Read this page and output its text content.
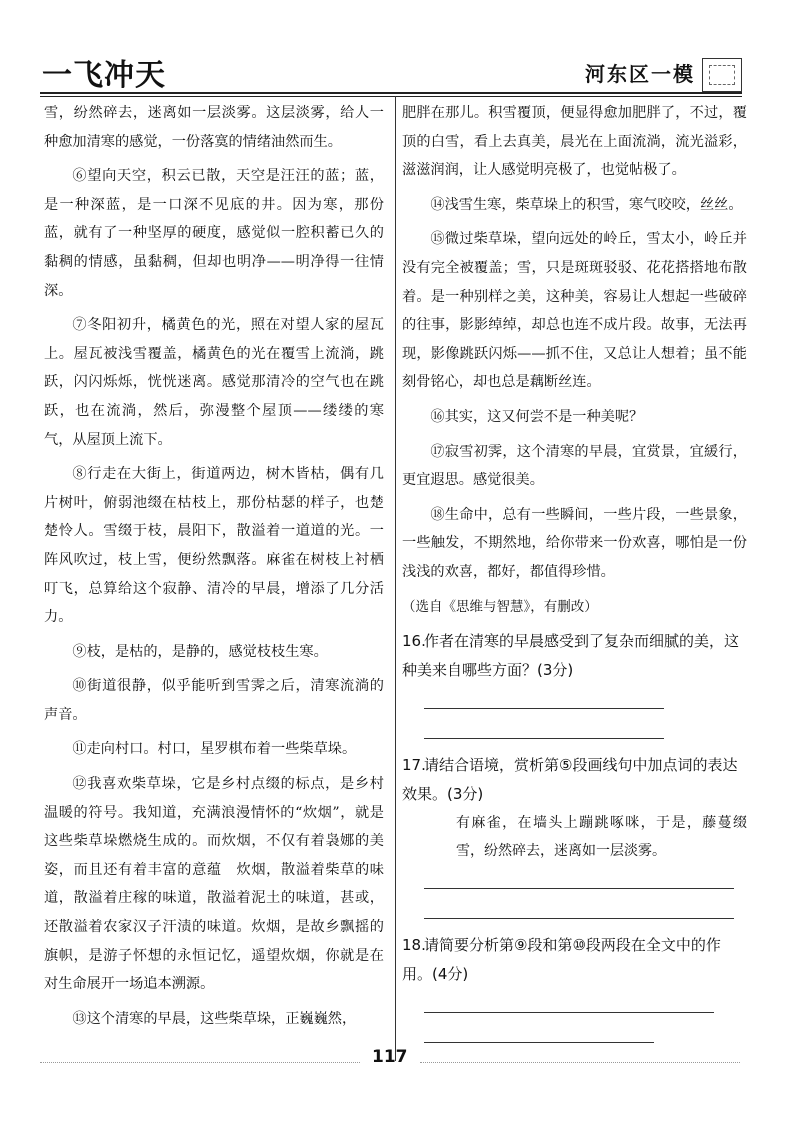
一飞冲天	河东区一模

雪，纷然碎去，迷离如一层淡雾。这层淡雾，给人一种愈加清寒的感觉，一份落寞的情绪油然而生。

⑥望向天空，积云已散，天空是汪汪的蓝；蓝，是一种深蓝，是一口深不见底的井。因为寒，那份蓝，就有了一种坚厚的硬度，感觉似一腔积蓄已久的黏稠的情感，虽黏稠，但却也明净——明净得一往情深。

⑦冬阳初升，橘黄色的光，照在对望人家的屋瓦上。屋瓦被浅雪覆盖，橘黄色的光在覆雪上流淌，跳跃，闪闪烁烁，恍恍迷离。感觉那清冷的空气也在跳跃，也在流淌，然后，弥漫整个屋顶——缕缕的寒气，从屋顶上流下。

⑧行走在大街上，街道两边，树木皆枯，偶有几片树叶，俯弱池缀在枯枝上，那份枯瑟的样子，也楚楚怜人。雪缀于枝，晨阳下，散溢着一道道的光。一阵风吹过，枝上雪，便纷然飘落。麻雀在树枝上衬栖叮飞，总算给这个寂静、清冷的早晨，增添了几分活力。

⑨枝，是枯的，是静的，感觉枝枝生寒。

⑩街道很静，似乎能听到雪霁之后，清寒流淌的声音。

⑪走向村口。村口，星罗棋布着一些柴草垛。

⑫我喜欢柴草垛，它是乡村点缀的标点，是乡村温暖的符号。我知道，充满浪漫情怀的“炊烟”，就是这些柴草垛燃烧生成的。而炊烟，不仅有着袅娜的美姿，而且还有着丰富的意蕴　炊烟，散溢着柴草的味道，散溢着庄稼的味道，散溢着泥土的味道，甚或，还散溢着农家汉子汗渍的味道。炊烟，是故乡飘摇的旗帜，是游子怀想的永恒记忆，遥望炊烟，你就是在对生命展开一场追本溯源。

⑬这个清寒的早晨，这些柴草垛，正巍巍然，

肥胖在那儿。积雪覆顶，便显得愈加肥胖了，不过，覆顶的白雪，看上去真美，晨光在上面流淌，流光溢彩，滋滋润润，让人感觉明亮极了，也觉帖极了。

⑭浅雪生寒，柴草垛上的积雪，寒气咬咬，丝丝。

⑮微过柴草垛，望向远处的岭丘，雪太小，岭丘并没有完全被覆盖；雪，只是斑斑驳驳、花花搭搭地布散着。是一种别样之美，这种美，容易让人想起一些破碎的往事，影影绰绰，却总也连不成片段。故事，无法再现，影像跳跃闪烁——抓不住，又总让人想着；虽不能刻骨铭心，却也总是藕断丝连。

⑯其实，这又何尝不是一种美呢？

⑰寂雪初霁，这个清寒的早晨，宜赏景，宜緩行，更宜遐思。感觉很美。

⑱生命中，总有一些瞬间，一些片段，一些景象，一些触发，不期然地，给你带来一份欢喜，哪怕是一份浅浅的欢喜，都好，都值得珍惜。

（选自《思维与智慧》，有删改）

16.作者在清寒的早晨感受到了复杂而细腻的美，这种美来自哪些方面？(3分)
17.请结合语境，赏析第⑤段画线句中加点词的表达效果。(3分)

有麻雀，在墙头上蹦跳啄咪，于是，藤蔓缀雪，纷然碎去，迷离如一层淡雾。

18.请简要分析第⑨段和第⑩段两段在全文中的作用。(4分)
117
